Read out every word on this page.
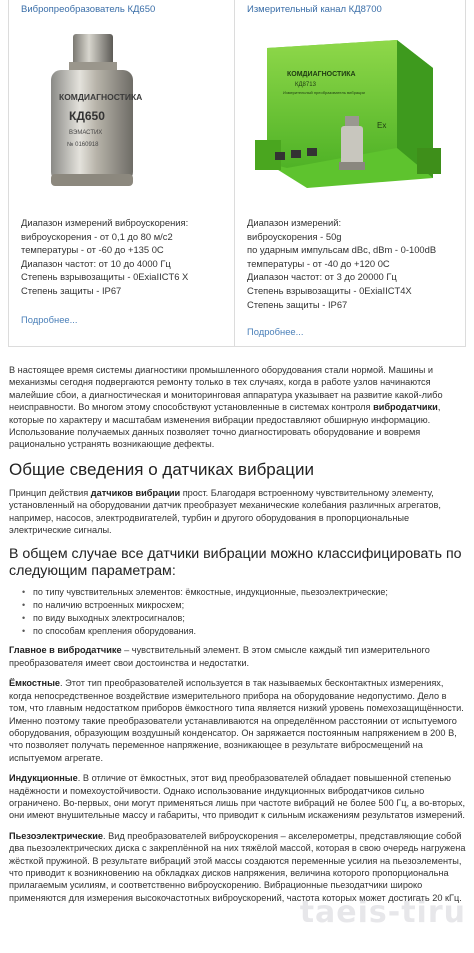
Вибропреобразователь КД650
КОМДИАГНОСТИКА
КД650
ВЭМАСТИХ
№ 0160918
Диапазон измерений виброускорения:
виброускорения - от 0,1 до 80 м/с2
температуры - от -60 до +135 0С
Диапазон частот: от 10 до 4000 Гц
Степень взрывозащиты - 0ExiaIICT6 X
Степень защиты - IP67
Подробнее...
Измерительный канал КД8700
КОМДИАГНОСТИКА
КД8713
Измерительный преобразователь вибрации
Ex
Диапазон измерений:
виброускорения - 50g
по ударным импульсам dBc, dBm - 0-100dB
температуры - от -40 до +120 0С
Диапазон частот: от 3 до 20000 Гц
Степень взрывозащиты - 0ExiaIICT4X
Степень защиты - IP67
Подробнее...

В настоящее время системы диагностики промышленного оборудования стали нормой. Машины и механизмы сегодня подвергаются ремонту только в тех случаях, когда в работе узлов начинаются малейшие сбои, а диагностическая и мониторинговая аппаратура указывает на развитие какой-либо неисправности. Во многом этому способствуют установленные в системах контроля вибродатчики, которые по характеру и масштабам изменения вибрации предоставляют обширную информацию. Использование получаемых данных позволяет точно диагностировать оборудование и вовремя рационально устранять возникающие дефекты.

Общие сведения о датчиках вибрации

Принцип действия датчиков вибрации прост. Благодаря встроенному чувствительному элементу, установленный на оборудовании датчик преобразует механические колебания различных агрегатов, например, насосов, электродвигателей, турбин и другого оборудования в пропорциональные электрические сигналы.

В общем случае все датчики вибрации можно классифицировать по следующим параметрам:
• по типу чувствительных элементов: ёмкостные, индукционные, пьезоэлектрические;
• по наличию встроенных микросхем;
• по виду выходных электросигналов;
• по способам крепления оборудования.

Главное в вибродатчике – чувствительный элемент. В этом смысле каждый тип измерительного преобразователя имеет свои достоинства и недостатки.

Ёмкостные. Этот тип преобразователей используется в так называемых бесконтактных измерениях, когда непосредственное воздействие измерительного прибора на оборудование недопустимо. Дело в том, что главным недостатком приборов ёмкостного типа является низкий уровень помехозащищённости. Именно поэтому такие преобразователи устанавливаются на определённом расстоянии от испытуемого оборудования, образующим воздушный конденсатор. Он заряжается постоянным напряжением в 200 В, что позволяет получать переменное напряжение, возникающее в результате вибросмещений на испытуемом агрегате.

Индукционные. В отличие от ёмкостных, этот вид преобразователей обладает повышенной степенью надёжности и помехоустойчивости. Однако использование индукционных вибродатчиков сильно ограничено. Во-первых, они могут применяться лишь при частоте вибраций не более 500 Гц, а во-вторых, они имеют внушительные массу и габариты, что приводит к сильным искажениям результатов измерений.

Пьезоэлектрические. Вид преобразователей виброускорения – акселерометры, представляющие собой два пьезоэлектрических диска с закреплённой на них тяжёлой массой, которая в свою очередь нагружена жёсткой пружиной. В результате вибраций этой массы создаются переменные усилия на пьезоэлементы, что приводит к возникновению на обкладках дисков напряжения, величина которого пропорциональна прилагаемым усилиям, и соответственно виброускорению. Вибрационные пьезодатчики широко применяются для измерения высокочастотных виброускорений, частота которых может достигать 20 кГц.

taeis-tiru
